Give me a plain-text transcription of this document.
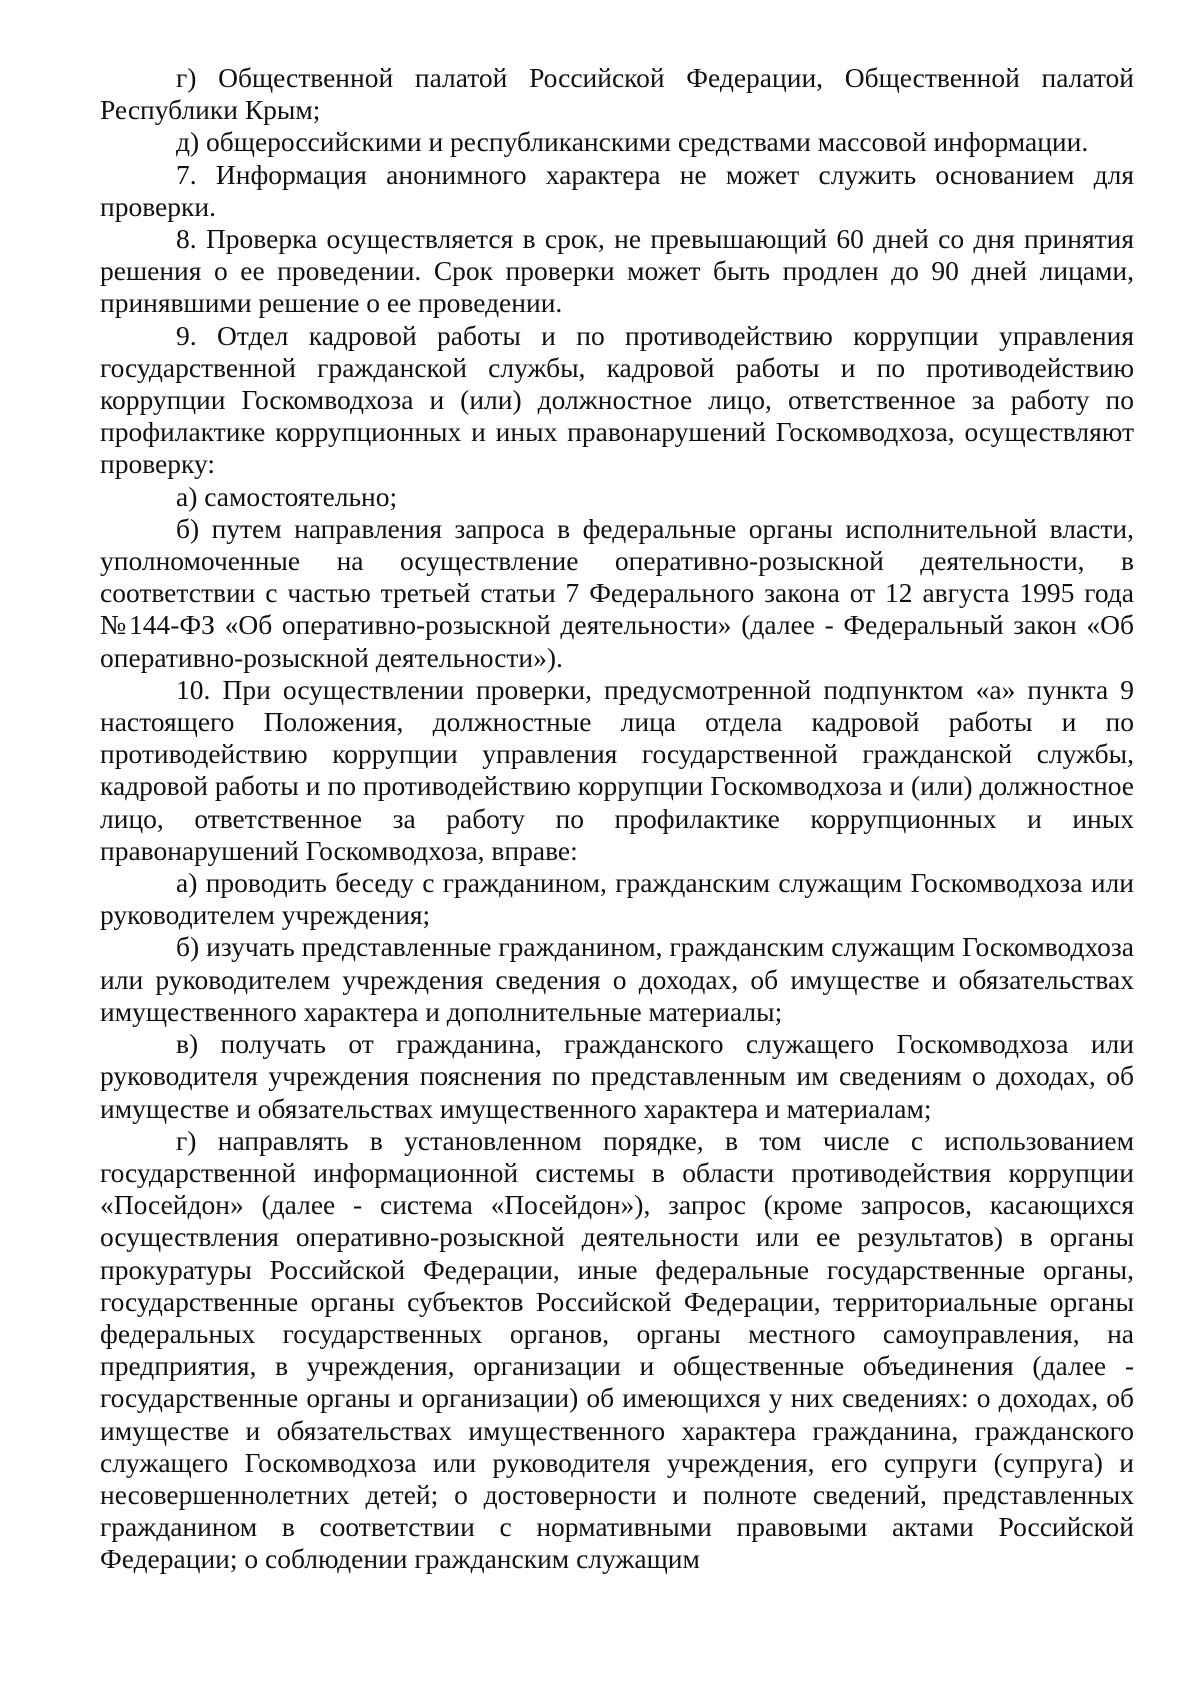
г) Общественной палатой Российской Федерации, Общественной палатой Республики Крым;

д) общероссийскими и республиканскими средствами массовой информации.

7. Информация анонимного характера не может служить основанием для проверки.

8. Проверка осуществляется в срок, не превышающий 60 дней со дня принятия решения о ее проведении. Срок проверки может быть продлен до 90 дней лицами, принявшими решение о ее проведении.

9. Отдел кадровой работы и по противодействию коррупции управления государственной гражданской службы, кадровой работы и по противодействию коррупции Госкомводхоза и (или) должностное лицо, ответственное за работу по профилактике коррупционных и иных правонарушений Госкомводхоза, осуществляют проверку:

а) самостоятельно;

б) путем направления запроса в федеральные органы исполнительной власти, уполномоченные на осуществление оперативно-розыскной деятельности, в соответствии с частью третьей статьи 7 Федерального закона от 12 августа 1995 года №144-ФЗ «Об оперативно-розыскной деятельности» (далее - Федеральный закон «Об оперативно-розыскной деятельности»).

10. При осуществлении проверки, предусмотренной подпунктом «а» пункта 9 настоящего Положения, должностные лица отдела кадровой работы и по противодействию коррупции управления государственной гражданской службы, кадровой работы и по противодействию коррупции Госкомводхоза и (или) должностное лицо, ответственное за работу по профилактике коррупционных и иных правонарушений Госкомводхоза, вправе:

а) проводить беседу с гражданином, гражданским служащим Госкомводхоза или руководителем учреждения;

б) изучать представленные гражданином, гражданским служащим Госкомводхоза или руководителем учреждения сведения о доходах, об имуществе и обязательствах имущественного характера и дополнительные материалы;

в) получать от гражданина, гражданского служащего Госкомводхоза или руководителя учреждения пояснения по представленным им сведениям о доходах, об имуществе и обязательствах имущественного характера и материалам;

г) направлять в установленном порядке, в том числе с использованием государственной информационной системы в области противодействия коррупции «Посейдон» (далее - система «Посейдон»), запрос (кроме запросов, касающихся осуществления оперативно-розыскной деятельности или ее результатов) в органы прокуратуры Российской Федерации, иные федеральные государственные органы, государственные органы субъектов Российской Федерации, территориальные органы федеральных государственных органов, органы местного самоуправления, на предприятия, в учреждения, организации и общественные объединения (далее - государственные органы и организации) об имеющихся у них сведениях: о доходах, об имуществе и обязательствах имущественного характера гражданина, гражданского служащего Госкомводхоза или руководителя учреждения, его супруги (супруга) и несовершеннолетних детей; о достоверности и полноте сведений, представленных гражданином в соответствии с нормативными правовыми актами Российской Федерации; о соблюдении гражданским служащим
